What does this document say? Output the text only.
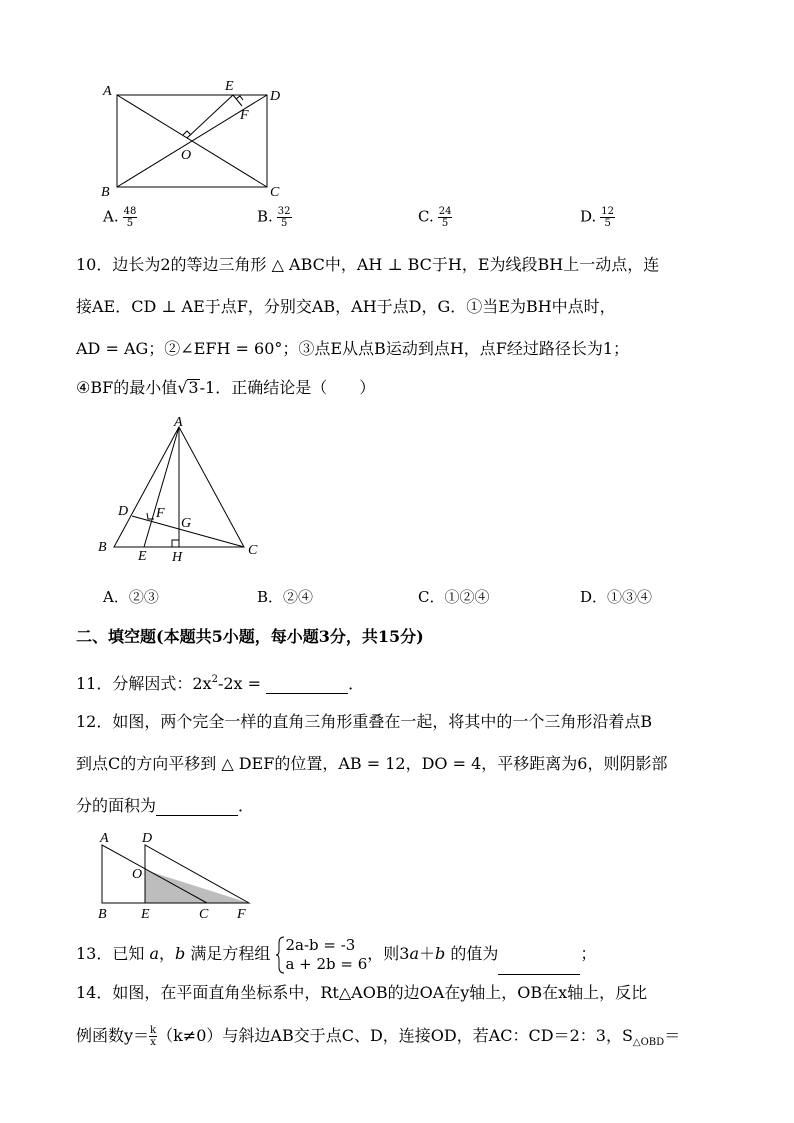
A
B	C
D
E
F
O
A. $\frac{48}{5}$	B. $\frac{32}{5}$	C. $\frac{24}{5}$	D. $\frac{12}{5}$
10．边长为2的等边三角形 △ ABC中，AH ⊥ BC于H，E为线段BH上一动点，连
接AE．CD ⊥ AE于点F，分别交AB，AH于点D，G．①当E为BH中点时，
AD = AG；②∠EFH = 60°；③点E从点B运动到点H，点F经过路径长为1；
④BF的最小值√3-1．正确结论是（　　）
A
B	C
D
E
F
G
H
A．②③	B．②④	C．①②④	D．①③④
二、填空题(本题共5小题，每小题3分，共15分)
11．分解因式：$2x^2-2x$ =	．
12．如图，两个完全一样的直角三角形重叠在一起，将其中的一个三角形沿着点B
到点C的方向平移到 △ DEF的位置，AB = 12，DO = 4，平移距离为6，则阴影部
分的面积为	．
A D
O
B E	C F
13．已知 a，b 满足方程组 2a-b = -3
a + 2b = 6
，则3a＋b 的值为	；
14．如图，在平面直角坐标系中，Rt△AOB的边OA在y轴上，OB在x轴上，反比
例函数$y= \frac{k}{x} (k\ne 0)$与斜边AB交于点C、D，连接OD，若AC：CD＝2：3，$S_{\triangle OBD}=$
